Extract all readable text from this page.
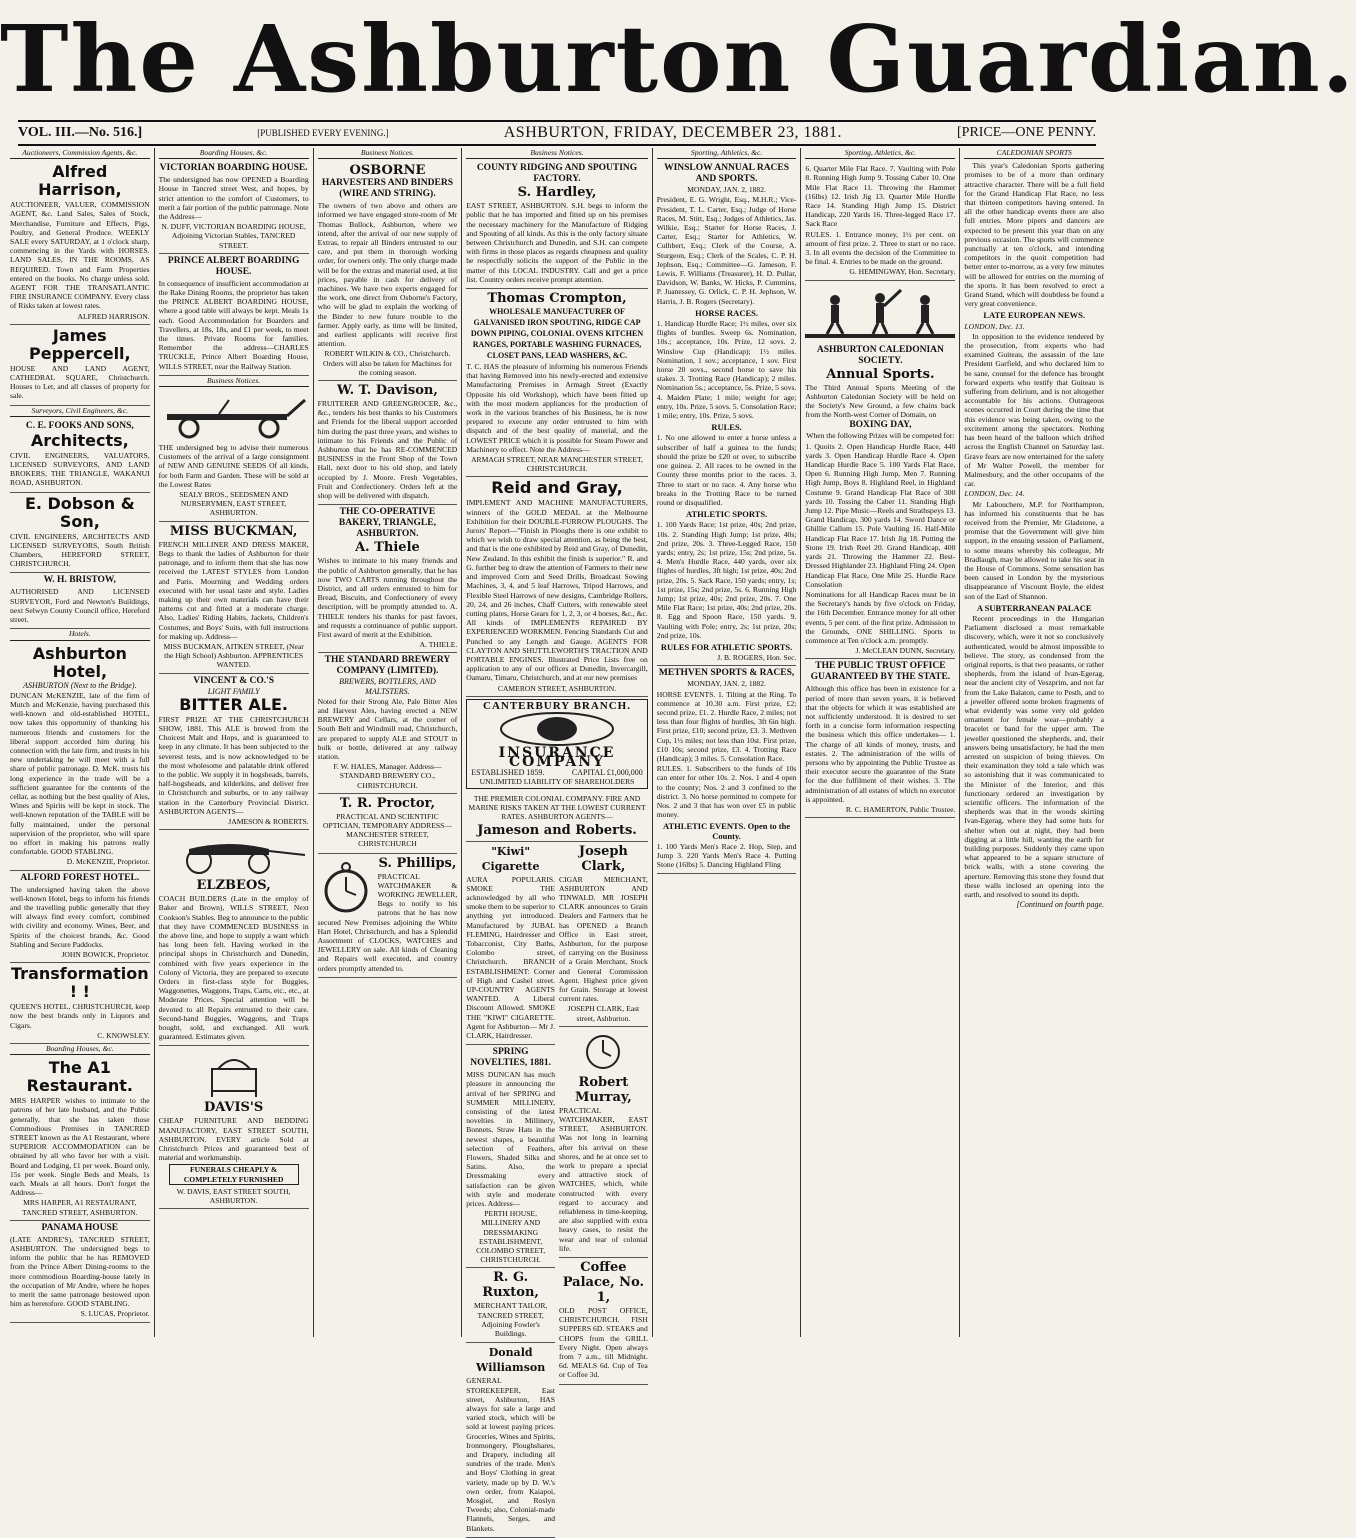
The Ashburton Guardian.
VOL. III.—No. 516.]	[PUBLISHED EVERY EVENING.]	ASHBURTON, FRIDAY, DECEMBER 23, 1881.	[PRICE—ONE PENNY.
Auctioneers, Commission Agents, &c.
Alfred Harrison,

AUCTIONEER, VALUER, COMMISSION AGENT, &c. Land Sales, Sales of Stock, Merchandise, Furniture and Effects, Pigs, Poultry, and General Produce. WEEKLY SALE every SATURDAY, at 1 o'clock sharp, commencing in the Yards with HORSES. LAND SALES, IN THE ROOMS, AS REQUIRED. Town and Farm Properties entered on the books. No charge unless sold. AGENT FOR THE TRANSATLANTIC FIRE INSURANCE COMPANY. Every class of Risks taken at lowest rates.

ALFRED HARRISON.
James Peppercell,

HOUSE AND LAND AGENT, CATHEDRAL SQUARE, Christchurch. Houses to Let, and all classes of property for sale.

Surveyors, Civil Engineers, &c.
C. E. FOOKS AND SONS,
Architects,

CIVIL ENGINEERS, VALUATORS, LICENSED SURVEYORS, AND LAND BROKERS, THE TRIANGLE, WAKANUI ROAD, ASHBURTON.

E. Dobson & Son,

CIVIL ENGINEERS, ARCHITECTS AND LICENSED SURVEYORS, South British Chambers, HEREFORD STREET, CHRISTCHURCH.

W. H. BRISTOW,

AUTHORISED AND LICENSED SURVEYOR, Ford and Newton's Buildings, next Selwyn County Council office, Hereford street.

Hotels.
Ashburton Hotel,
ASHBURTON (Next to the Bridge).

DUNCAN McKENZIE, late of the firm of Mutch and McKenzie, having purchased this well-known and old-established HOTEL, now takes this opportunity of thanking his numerous friends and customers for the liberal support accorded him during his connection with the late firm, and trusts in his new undertaking he will meet with a full share of public patronage. D. McK. trusts his long experience in the trade will be a sufficient guarantee for the contents of the cellar, as nothing but the best quality of Ales, Wines and Spirits will be kept in stock. The well-known reputation of the TABLE will be fully maintained, under the personal supervision of the proprietor, who will spare no effort in making his patrons really comfortable. GOOD STABLING.

D. McKENZIE, Proprietor.
ALFORD FOREST HOTEL.

The undersigned having taken the above well-known Hotel, begs to inform his friends and the travelling public generally that they will always find every comfort, combined with civility and economy. Wines, Beer, and Spirits of the choicest brands, &c. Good Stabling and Secure Paddocks.

JOHN BOWICK, Proprietor.
Transformation ! !

QUEEN'S HOTEL, CHRISTCHURCH, keep now the best brands only in Liquors and Cigars.

C. KNOWSLEY.
Boarding Houses, &c.
The A1 Restaurant.

MRS HARPER wishes to intimate to the patrons of her late husband, and the Public generally, that she has taken those Commodious Premises in TANCRED STREET known as the A1 Restaurant, where SUPERIOR ACCOMMODATION can be obtained by all who favor her with a visit. Board and Lodging, £1 per week. Board only, 15s per week. Single Beds and Meals, 1s each. Meals at all hours. Don't forget the Address—

MRS HARPER, A1 RESTAURANT, TANCRED STREET, ASHBURTON.
PANAMA HOUSE

(LATE ANDRE'S), TANCRED STREET, ASHBURTON. The undersigned begs to inform the public that he has REMOVED from the Prince Albert Dining-rooms to the more commodious Boarding-house lately in the occupation of Mr Andre, where he hopes to merit the same patronage bestowed upon him as heretofore. GOOD STABLING.

S. LUCAS, Proprietor.
Boarding Houses, &c.
VICTORIAN BOARDING HOUSE.

The undersigned has now OPENED a Boarding House in Tancred street West, and hopes, by strict attention to the comfort of Customers, to merit a fair portion of the public patronage. Note the Address—

N. DUFF, VICTORIAN BOARDING HOUSE, Adjoining Victorian Stables, TANCRED STREET.
PRINCE ALBERT BOARDING HOUSE.

In consequence of insufficient accommodation at the Rake Dining Rooms, the proprietor has taken the PRINCE ALBERT BOARDING HOUSE, where a good table will always be kept. Meals 1s each. Good Accommodation for Boarders and Travellers, at 18s, 18s, and £1 per week, to meet the times. Private Rooms for families. Remember the address—CHARLES TRUCKLE, Prince Albert Boarding House, WILLS STREET, near the Railway Station.

Business Notices.

THE undersigned beg to advise their numerous Customers of the arrival of a large consignment of NEW AND GENUINE SEEDS Of all kinds, for both Farm and Garden. These will be sold at the Lowest Rates

SEALY BROS., SEEDSMEN AND NURSERYMEN, EAST STREET, ASHBURTON.
MISS BUCKMAN,

FRENCH MILLINER AND DRESS MAKER, Begs to thank the ladies of Ashburton for their patronage, and to inform them that she has now received the LATEST STYLES from London and Paris. Mourning and Wedding orders executed with her usual taste and style. Ladies making up their own materials can have their patterns cut and fitted at a moderate charge. Also, Ladies' Riding Habits, Jackets, Children's Costumes, and Boys' Suits, with full instructions for making up. Address—

MISS BUCKMAN, AITKEN STREET, (Near the High School) Ashburton. APPRENTICES WANTED.
VINCENT & CO.'S
LIGHT FAMILY
BITTER ALE.

FIRST PRIZE AT THE CHRISTCHURCH SHOW, 1881. This ALE is brewed from the Choicest Malt and Hops, and is guaranteed to keep in any climate. It has been subjected to the severest tests, and is now acknowledged to be the most wholesome and palatable drink offered to the public. We supply it in hogsheads, barrels, half-hogsheads, and kilderkins, and deliver free in Christchurch and suburbs, or to any railway station in the Canterbury Provincial District. ASHBURTON AGENTS—

JAMESON & ROBERTS.
ELZBEOS,

COACH BUILDERS (Late in the employ of Baker and Brown), WILLS STREET, Next Cookson's Stables. Beg to announce to the public that they have COMMENCED BUSINESS in the above line, and hope to supply a want which has long been felt. Having worked in the principal shops in Christchurch and Dunedin, combined with five years experience in the Colony of Victoria, they are prepared to execute Orders in first-class style for Buggies, Waggonettes, Waggons, Traps, Carts, etc., etc., at Moderate Prices. Special attention will be devoted to all Repairs entrusted to their care. Second-hand Buggies, Waggons, and Traps bought, sold, and exchanged. All work guaranteed. Estimates given.

DAVIS'S

CHEAP FURNITURE AND BEDDING MANUFACTORY, EAST STREET SOUTH, ASHBURTON. EVERY article Sold at Christchurch Prices and guaranteed best of material and workmanship.

FUNERALS CHEAPLY & COMPLETELY FURNISHED
W. DAVIS, EAST STREET SOUTH, ASHBURTON.
Business Notices.
OSBORNE
HARVESTERS AND BINDERS (WIRE AND STRING).

The owners of two above and others are informed we have engaged store-room of Mr Thomas Bullock, Ashburton, where we intend, after the arrival of our new supply of Extras, to repair all Binders entrusted to our care, and put them in thorough working order, for owners only. The only charge made will be for the extras and material used, at list prices, payable in cash for delivery of machines. We have two experts engaged for the work, one direct from Osborne's Factory, who will be glad to explain the working of the Binder to new future trouble to the farmer. Apply early, as time will be limited, and earliest applicants will receive first attention.

ROBERT WILKIN & CO., Christchurch. Orders will also be taken for Machines for the coming season.
W. T. Davison,

FRUITERER AND GREENGROCER, &c., &c., tenders his best thanks to his Customers and Friends for the liberal support accorded him during the past three years, and wishes to intimate to his Friends and the Public of Ashburton that he has RE-COMMENCED BUSINESS in the Front Shop of the Town Hall, next door to his old shop, and lately occupied by J. Moore. Fresh Vegetables, Fruit and Confectionery. Orders left at the shop will be delivered with dispatch.

THE CO-OPERATIVE BAKERY, TRIANGLE, ASHBURTON.
A. Thiele

Wishes to intimate to his many friends and the public of Ashburton generally, that he has now TWO CARTS running throughout the District, and all orders entrusted to him for Bread, Biscuits, and Confectionery of every description, will be promptly attended to. A. THIELE tenders his thanks for past favors, and requests a continuance of public support. First award of merit at the Exhibition.

A. THIELE.
THE STANDARD BREWERY COMPANY (LIMITED).
BREWERS, BOTTLERS, AND MALTSTERS.

Noted for their Strong Ale, Pale Bitter Ales and Harvest Ales, having erected a NEW BREWERY and Cellars, at the corner of South Belt and Windmill road, Christchurch, are prepared to supply ALE and STOUT in bulk or bottle, delivered at any railway station.

F. W. HALES, Manager. Address— STANDARD BREWERY CO., CHRISTCHURCH.
T. R. Proctor,

PRACTICAL AND SCIENTIFIC OPTICIAN, TEMPORARY ADDRESS— MANCHESTER STREET, CHRISTCHURCH

S. Phillips,

PRACTICAL WATCHMAKER & WORKING JEWELLER, Begs to notify to his patrons that he has now secured New Premises adjoining the White Hart Hotel, Christchurch, and has a Splendid Assortment of CLOCKS, WATCHES and JEWELLERY on sale. All kinds of Cleaning and Repairs well executed, and country orders promptly attended to.

Business Notices.
COUNTY RIDGING AND SPOUTING FACTORY.
S. Hardley,

EAST STREET, ASHBURTON. S.H. begs to inform the public that he has imported and fitted up on his premises the necessary machinery for the Manufacture of Ridging and Spouting of all kinds. As this is the only factory situate between Christchurch and Dunedin, and S.H. can compete with firms in those places as regards cheapness and quality he respectfully solicits the support of the Public in the matter of this LOCAL INDUSTRY. Call and get a price list. Country orders receive prompt attention.

Thomas Crompton,
WHOLESALE MANUFACTURER OF GALVANISED IRON SPOUTING, RIDGE CAP DOWN PIPING, COLONIAL OVENS KITCHEN RANGES, PORTABLE WASHING FURNACES, CLOSET PANS, LEAD WASHERS, &C.

T. C. HAS the pleasure of informing his numerous Friends that having Removed into his newly-erected and extensive Manufacturing Premises in Armagh Street (Exactly Opposite his old Workshop), which have been fitted up with the most modern appliances for the production of work in the various branches of his Business, he is now prepared to execute any order entrusted to him with dispatch and of the best quality of material, and the LOWEST PRICE which it is possible for Steam Power and Machinery to effect. Note the Address—

ARMAGH STREET, NEAR MANCHESTER STREET, CHRISTCHURCH.
Reid and Gray,

IMPLEMENT AND MACHINE MANUFACTURERS, winners of the GOLD MEDAL at the Melbourne Exhibition for their DOUBLE-FURROW PLOUGHS. The Jurors' Report—"Finish in Ploughs there is one exhibit to which we wish to draw special attention, as being the best, and that is the one exhibited by Reid and Gray, of Dunedin, New Zealand. In this exhibit the finish is superior." R. and G. further beg to draw the attention of Farmers to their new and improved Corn and Seed Drills, Broadcast Sowing Machines, 3, 4, and 5 leaf Harrows, Tripod Harrows, and Flexible Steel Harrows of new designs, Cambridge Rollers, 20, 24, and 26 inches, Chaff Cutters, with renewable steel cutting plates, Horse Gears for 1, 2, 3, or 4 horses, &c., &c. All kinds of IMPLEMENTS REPAIRED BY EXPERIENCED WORKMEN. Fencing Standards Cut and Punched to any Length and Gauge. AGENTS FOR CLAYTON AND SHUTTLEWORTH'S TRACTION AND PORTABLE ENGINES. Illustrated Price Lists free on application to any of our offices at Dunedin, Invercargill, Oamaru, Timaru, Christchurch, and at our new premises

CAMERON STREET, ASHBURTON.
CANTERBURY BRANCH.
INSURANCE COMPANY
ESTABLISHED 1859.	CAPITAL £1,000,000
UNLIMITED LIABILITY OF SHAREHOLDERS

THE PREMIER COLONIAL COMPANY. FIRE AND MARINE RISKS TAKEN AT THE LOWEST CURRENT RATES. ASHBURTON AGENTS—

Jameson and Roberts.
"Kiwi" Cigarette

AURA POPULARIS. SMOKE THE acknowledged by all who smoke them to be superior to anything yet introduced. Manufactured by JUBAL FLEMING, Hairdresser and Tobacconist, City Baths, Colombo street, Christchurch. BRANCH ESTABLISHMENT: Corner of High and Cashel street. UP-COUNTRY AGENTS WANTED. A Liberal Discount Allowed. SMOKE THE "KIWI" CIGARETTE. Agent for Ashburton— Mr J. CLARK, Hairdresser.

SPRING NOVELTIES, 1881.

MISS DUNCAN has much pleasure in announcing the arrival of her SPRING and SUMMER MILLINERY, consisting of the latest novelties in Millinery, Bonnets, Straw Hats in the newest shapes, a beautiful selection of Feathers, Flowers, Shaded Silks and Satins. Also, the Dressmaking every satisfaction can be given with style and moderate prices. Address—

PERTH HOUSE, MILLINERY AND DRESSMAKING ESTABLISHMENT, COLOMBO STREET, CHRISTCHURCH.
R. G. Ruxton,

MERCHANT TAILOR, TANCRED STREET, Adjoining Fowler's Buildings.

Donald Williamson

GENERAL STOREKEEPER, East street, Ashburton, HAS always for sale a large and varied stock, which will be sold at lowest paying prices. Groceries, Wines and Spirits, Ironmongery, Ploughshares, and Drapery, including all sundries of the trade. Men's and Boys' Clothing in great variety, made up by D. W.'s own order, from Kaiapoi, Mosgiel, and Roslyn Tweeds; also, Colonial-made Flannels, Serges, and Blankets.

Joseph Clark,

CIGAR MERCHANT, ASHBURTON AND TINWALD. MR JOSEPH CLARK announces to Grain Dealers and Farmers that he has OPENED a Branch Office in East street, Ashburton, for the purpose of carrying on the Business of a Grain Merchant, Stock and General Commission Agent. Highest price given for Grain. Storage at lowest current rates.

JOSEPH CLARK, East street, Ashburton.
Robert Murray,

PRACTICAL WATCHMAKER, EAST STREET, ASHBURTON. Was not long in learning after his arrival on these shores, and he at once set to work to prepare a special and attractive stock of WATCHES, which, while constructed with every regard to accuracy and reliableness in time-keeping, are also supplied with extra heavy cases, to resist the wear and tear of colonial life.

Coffee Palace, No. 1,

OLD POST OFFICE, CHRISTCHURCH. FISH SUPPERS 6D. STEAKS and CHOPS from the GRILL Every Night. Open always from 7 a.m., till Midnight. 6d. MEALS 6d. Cup of Tea or Coffee 3d.

Sporting, Athletics, &c.
WINSLOW ANNUAL RACES AND SPORTS.
MONDAY, JAN. 2, 1882.

President, E. G. Wright, Esq., M.H.R.; Vice-President, T. L. Carter, Esq.; Judge of Horse Races, M. Stitt, Esq.; Judges of Athletics, Jas. Wilkie, Esq.; Starter for Horse Races, J. Carter, Esq.; Starter for Athletics, W. Culhbert, Esq.; Clerk of the Course, A. Sturgeon, Esq.; Clerk of the Scales, C. P. H. Jephson, Esq.; Committee—G. Jameson, F. Lewis, F. Williams (Treasurer), H. D. Pullar, Davidson, W. Banks, W. Hicks, P. Cummins, P. Juanessey, G. Orlick, C. P. H. Jephson, W. Harris, J. B. Rogers (Secretary).

HORSE RACES.

1. Handicap Hurdle Race; 1½ miles, over six flights of hurdles. Sweep 6s. Nomination, 10s.; acceptance, 10s. Prize, 12 sovs. 2. Winslow Cup (Handicap); 1½ miles. Nomination, 1 sov.; acceptance, 1 sov. First horse 20 sovs., second horse to save his stakes. 3. Trotting Race (Handicap); 2 miles. Nomination 5s.; acceptance, 5s. Prize, 5 sovs. 4. Maiden Plate; 1 mile; weight for age; entry, 10s. Prize, 5 sovs. 5. Consolation Race; 1 mile; entry, 10s. Prize, 5 sovs.

RULES.

1. No one allowed to enter a horse unless a subscriber of half a guinea to the funds; should the prize be £20 or over, to subscribe one guinea. 2. All races to be owned in the County three months prior to the races. 3. Three to start or no race. 4. Any horse who breaks in the Trotting Race to be turned round or disqualified.

ATHLETIC SPORTS.

1. 100 Yards Race; 1st prize, 40s; 2nd prize, 10s. 2. Standing High Jump; 1st prize, 40s; 2nd prize, 20s. 3. Three-Legged Race, 150 yards; entry, 2s; 1st prize, 15s; 2nd prize, 5s. 4. Men's Hurdle Race, 440 yards, over six flights of hurdles, 3ft high; 1st prize, 40s; 2nd prize, 20s. 5. Sack Race, 150 yards; entry, 1s; 1st prize, 15s; 2nd prize, 5s. 6. Running High Jump; 1st prize, 40s; 2nd prize, 20s. 7. One Mile Flat Race; 1st prize, 40s; 2nd prize, 20s. 8. Egg and Spoon Race, 150 yards. 9. Vaulting with Pole; entry, 2s; 1st prize, 20s; 2nd prize, 10s.

RULES FOR ATHLETIC SPORTS.
J. B. ROGERS, Hon. Sec.
METHVEN SPORTS & RACES,
MONDAY, JAN. 2, 1882.

HORSE EVENTS. 1. Tilting at the Ring. To commence at 10.30 a.m. First prize, £2; second prize, £1. 2. Hurdle Race, 2 miles; not less than four flights of hurdles, 3ft 6in high. First prize, £10; second prize, £3. 3. Methven Cup, 1½ miles; not less than 10st. First prize, £10 10s; second prize, £3. 4. Trotting Race (Handicap); 3 miles. 5. Consolation Race.

RULES. 1. Subscribers to the funds of 10s can enter for other 10s. 2. Nos. 1 and 4 open to the county; Nos. 2 and 3 confined to the district. 3. No horse permitted to compete for Nos. 2 and 3 that has won over £5 in public money.

ATHLETIC EVENTS. Open to the County.

1. 100 Yards Men's Race 2. Hop, Step, and Jump 3. 220 Yards Men's Race 4. Putting Stone (16lbs) 5. Dancing Highland Fling

Sporting, Athletics, &c.

6. Quarter Mile Flat Race. 7. Vaulting with Pole 8. Running High Jump 9. Tossing Caber 10. One Mile Flat Race 11. Throwing the Hammer (16lbs) 12. Irish Jig 13. Quarter Mile Hurdle Race 14. Standing High Jump 15. District Handicap, 220 Yards 16. Three-legged Race 17. Sack Race

RULES. 1. Entrance money, 1½ per cent. on amount of first prize. 2. Three to start or no race. 3. In all events the decision of the Committee to be final. 4. Entries to be made on the ground.

G. HEMINGWAY, Hon. Secretary.
ASHBURTON CALEDONIAN SOCIETY.
Annual Sports.

The Third Annual Sports Meeting of the Ashburton Caledonian Society will be held on the Society's New Ground, a few chains back from the North-west Corner of Domain, on

BOXING DAY,
When the following Prizes will be competed for:

1. Quoits 2. Open Handicap Hurdle Race, 440 yards 3. Open Handicap Hurdle Race 4. Open Handicap Hurdle Race 5. 100 Yards Flat Race, Open 6. Running High Jump, Men 7. Running High Jump, Boys 8. Highland Reel, in Highland Costume 9. Grand Handicap Flat Race of 300 yards 10. Tossing the Caber 11. Standing High Jump 12. Pipe Music—Reels and Strathspeys 13. Grand Handicap, 300 yards 14. Sword Dance or Ghillie Callum 15. Pole Vaulting 16. Half-Mile Handicap Flat Race 17. Irish Jig 18. Putting the Stone 19. Irish Reel 20. Grand Handicap, 400 yards 21. Throwing the Hammer 22. Best-Dressed Highlander 23. Highland Fling 24. Open Handicap Flat Race, One Mile 25. Hurdle Race Consolation

Nominations for all Handicap Races must be in the Secretary's hands by five o'clock on Friday, the 16th December. Entrance money for all other events, 5 per cent. of the first prize. Admission to the Grounds, ONE SHILLING. Sports to commence at Ten o'clock a.m. promptly.

J. McCLEAN DUNN, Secretary.
THE PUBLIC TRUST OFFICE GUARANTEED BY THE STATE.

Although this office has been in existence for a period of more than seven years, it is believed that the objects for which it was established are not sufficiently understood. It is desired to set forth in a concise form information respecting the business which this office undertakes— 1. The charge of all kinds of money, trusts, and estates. 2. The administration of the wills of persons who by appointing the Public Trustee as their executor secure the guarantee of the State for the due fulfilment of their wishes. 3. The administration of all estates of which no executor is appointed.

R. C. HAMERTON, Public Trustee.
CALEDONIAN SPORTS

This year's Caledonian Sports gathering promises to be of a more than ordinary attractive character. There will be a full field for the Grand Handicap Flat Race, no less that thirteen competitors having entered. In all the other handicap events there are also full entries. More pipers and dancers are expected to be present this year than on any previous occasion. The sports will commence punctually at ten o'clock, and intending competitors in the quoit competition had better enter to-morrow, as a very few minutes will be allowed for entries on the morning of the sports. It has been resolved to erect a Grand Stand, which will doubtless be found a very great convenience.

LATE EUROPEAN NEWS.
LONDON, Dec. 13.

In opposition to the evidence tendered by the prosecution, from experts who had examined Guiteau, the assassin of the late President Garfield, and who declared him to be sane, counsel for the defence has brought forward experts who testify that Guiteau is suffering from delirium, and is not altogether accountable for his actions. Outrageous scenes occurred in Court during the time that this evidence was being taken, owing to the excitement among the spectators. Nothing has been heard of the balloon which drifted across the English Channel on Saturday last. Grave fears are now entertained for the safety of Mr Walter Powell, the member for Malmesbury, and the other occupants of the car.

LONDON, Dec. 14.

Mr Labouchere, M.P. for Northampton, has informed his constituents that he has received from the Premier, Mr Gladstone, a promise that the Government will give him support, in the ensuing session of Parliament, to some means whereby his colleague, Mr Bradlaugh, may be allowed to take his seat in the House of Commons. Some sensation has been caused in London by the mysterious disappearance of Viscount Boyle, the eldest son of the Earl of Shannon.

A SUBTERRANEAN PALACE

Recent proceedings in the Hungarian Parliament disclosed a most remarkable discovery, which, were it not so conclusively authenticated, would be almost impossible to believe. The story, as condensed from the original reports, is that two peasants, or rather shepherds, from the island of Ivan-Egerag, near the ancient city of Veszprim, and not far from the Lake Balaton, came to Pesth, and to a jeweller offered some broken fragments of what evidently was some very old golden ornament for female wear—probably a bracelet or band for the upper arm. The jeweller questioned the shepherds, and, their answers being unsatisfactory, he had the men arrested on suspicion of being thieves. On their examination they told a tale which was so astonishing that it was communicated to the Minister of the Interior, and this functionary ordered an investigation by scientific officers. The information of the shepherds was that in the woods skirting Ivan-Egerag, where they had some huts for shelter when out at night, they had been digging at a little hill, wanting the earth for building purposes. Suddenly they came upon what appeared to be a square structure of brick walls, with a stone covering the aperture. Removing this stone they found that these walls inclosed an opening into the earth, and resolved to sound its depth.

[Continued on fourth page.
